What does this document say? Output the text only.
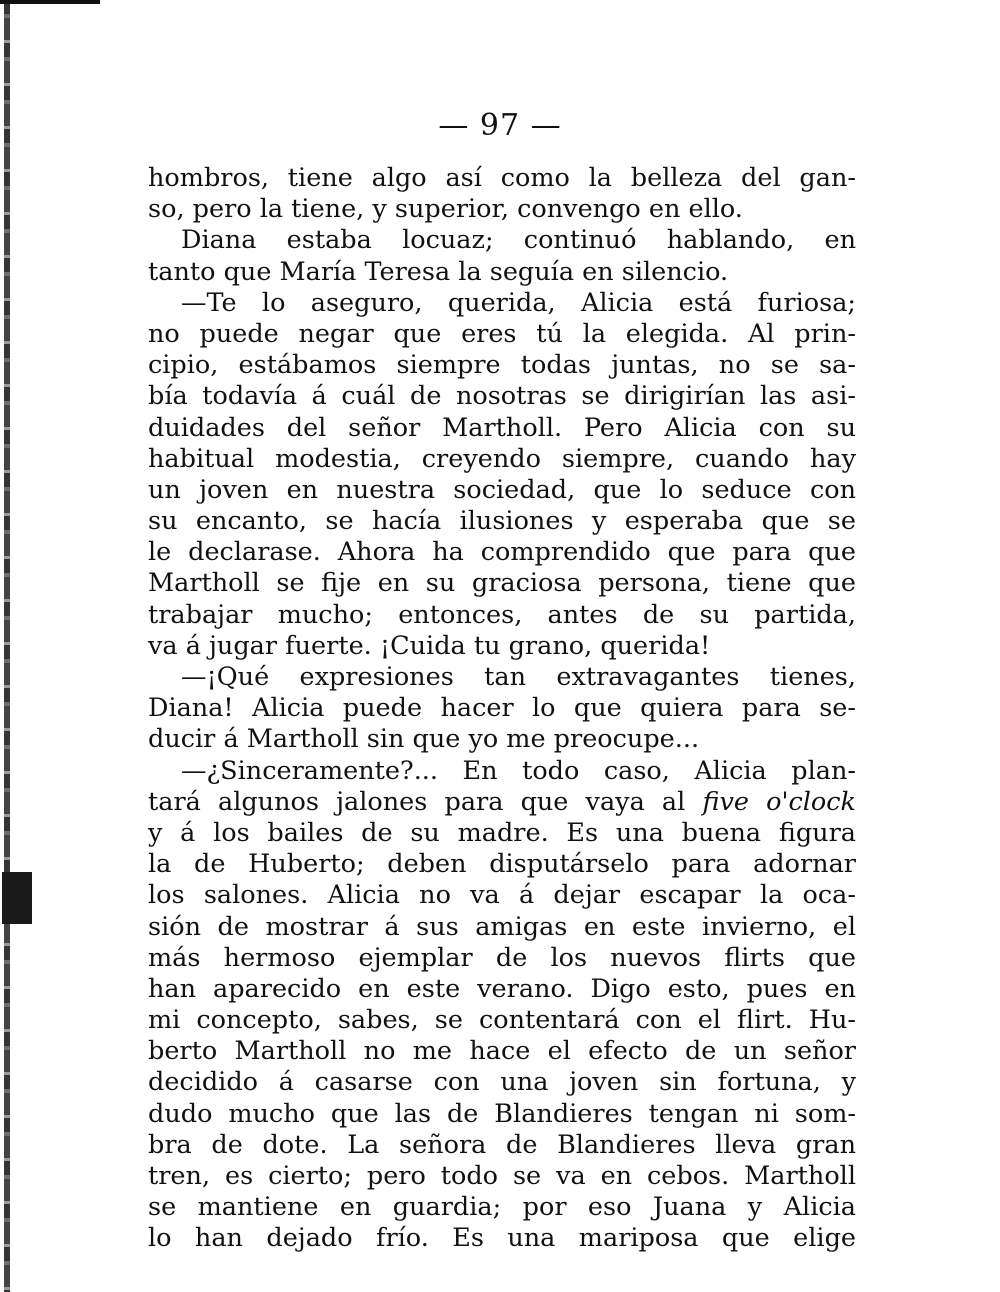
— 97 —
hombros, tiene algo así como la belleza del gan-
so, pero la tiene, y superior, convengo en ello.
Diana estaba locuaz; continuó hablando, en
tanto que María Teresa la seguía en silencio.
—Te lo aseguro, querida, Alicia está furiosa;
no puede negar que eres tú la elegida. Al prin-
cipio, estábamos siempre todas juntas, no se sa-
bía todavía á cuál de nosotras se dirigirían las asi-
duidades del señor Martholl. Pero Alicia con su
habitual modestia, creyendo siempre, cuando hay
un joven en nuestra sociedad, que lo seduce con
su encanto, se hacía ilusiones y esperaba que se
le declarase. Ahora ha comprendido que para que
Martholl se fije en su graciosa persona, tiene que
trabajar mucho; entonces, antes de su partida,
va á jugar fuerte. ¡Cuida tu grano, querida!
—¡Qué expresiones tan extravagantes tienes,
Diana! Alicia puede hacer lo que quiera para se-
ducir á Martholl sin que yo me preocupe...
—¿Sinceramente?... En todo caso, Alicia plan-
tará algunos jalones para que vaya al five o'clock
y á los bailes de su madre. Es una buena figura
la de Huberto; deben disputárselo para adornar
los salones. Alicia no va á dejar escapar la oca-
sión de mostrar á sus amigas en este invierno, el
más hermoso ejemplar de los nuevos flirts que
han aparecido en este verano. Digo esto, pues en
mi concepto, sabes, se contentará con el flirt. Hu-
berto Martholl no me hace el efecto de un señor
decidido á casarse con una joven sin fortuna, y
dudo mucho que las de Blandieres tengan ni som-
bra de dote. La señora de Blandieres lleva gran
tren, es cierto; pero todo se va en cebos. Martholl
se mantiene en guardia; por eso Juana y Alicia
lo han dejado frío. Es una mariposa que elige
